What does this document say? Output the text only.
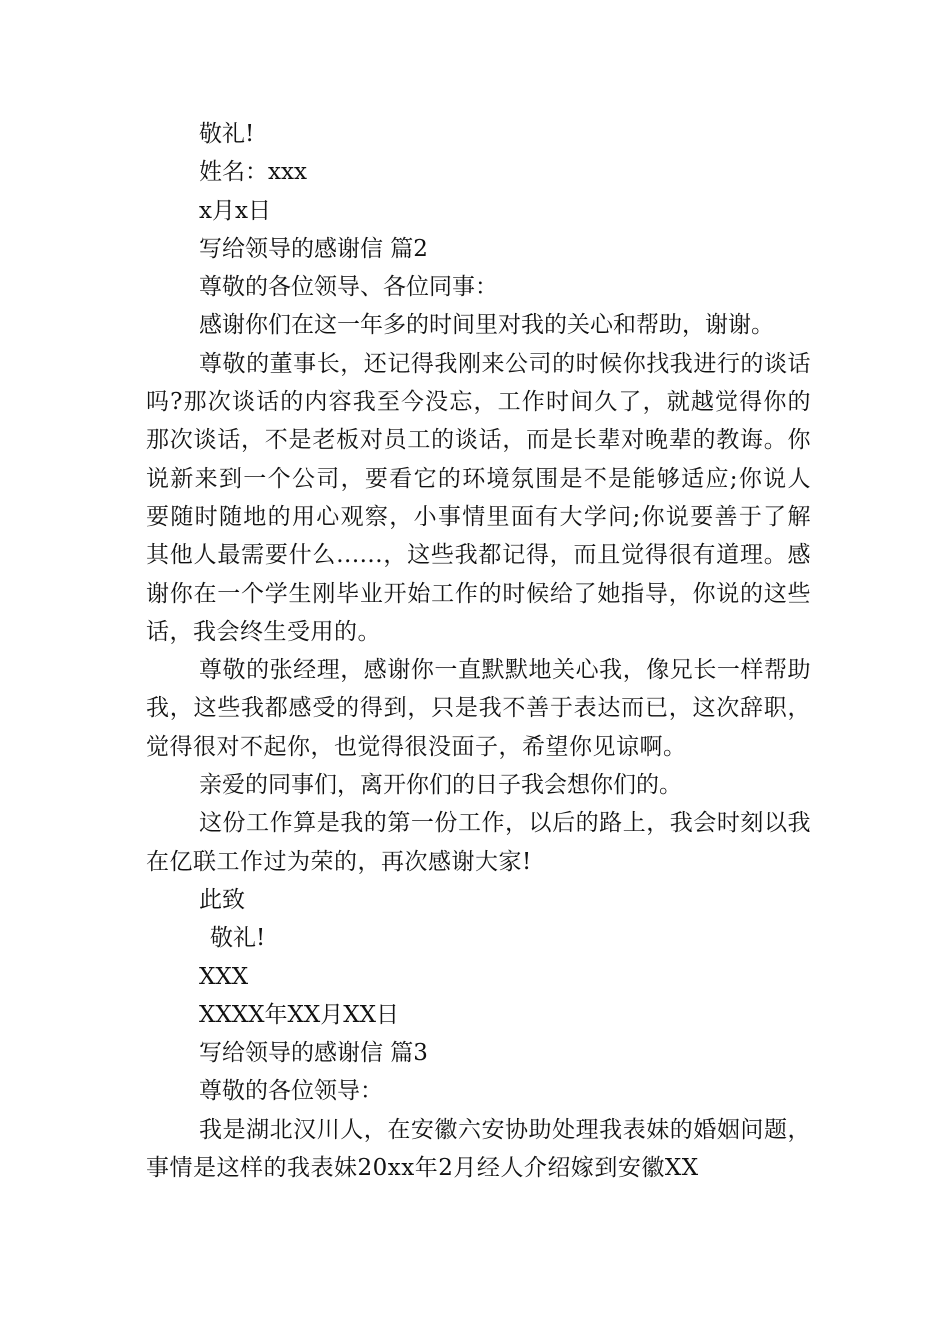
敬礼!
姓名：xxx
x月x日
写给领导的感谢信 篇2
尊敬的各位领导、各位同事：
感谢你们在这一年多的时间里对我的关心和帮助，谢谢。

尊敬的董事长，还记得我刚来公司的时候你找我进行的谈话吗?那次谈话的内容我至今没忘，工作时间久了，就越觉得你的那次谈话，不是老板对员工的谈话，而是长辈对晚辈的教诲。你说新来到一个公司，要看它的环境氛围是不是能够适应;你说人要随时随地的用心观察，小事情里面有大学问;你说要善于了解其他人最需要什么......，这些我都记得，而且觉得很有道理。感谢你在一个学生刚毕业开始工作的时候给了她指导，你说的这些话，我会终生受用的。

尊敬的张经理，感谢你一直默默地关心我，像兄长一样帮助我，这些我都感受的得到，只是我不善于表达而已，这次辞职，觉得很对不起你，也觉得很没面子，希望你见谅啊。

亲爱的同事们，离开你们的日子我会想你们的。

这份工作算是我的第一份工作，以后的路上，我会时刻以我在亿联工作过为荣的，再次感谢大家!

此致
敬礼!
XXX
XXXX年XX月XX日
写给领导的感谢信 篇3
尊敬的各位领导：

我是湖北汉川人，在安徽六安协助处理我表妹的婚姻问题，事情是这样的我表妹20xx年2月经人介绍嫁到安徽XX
